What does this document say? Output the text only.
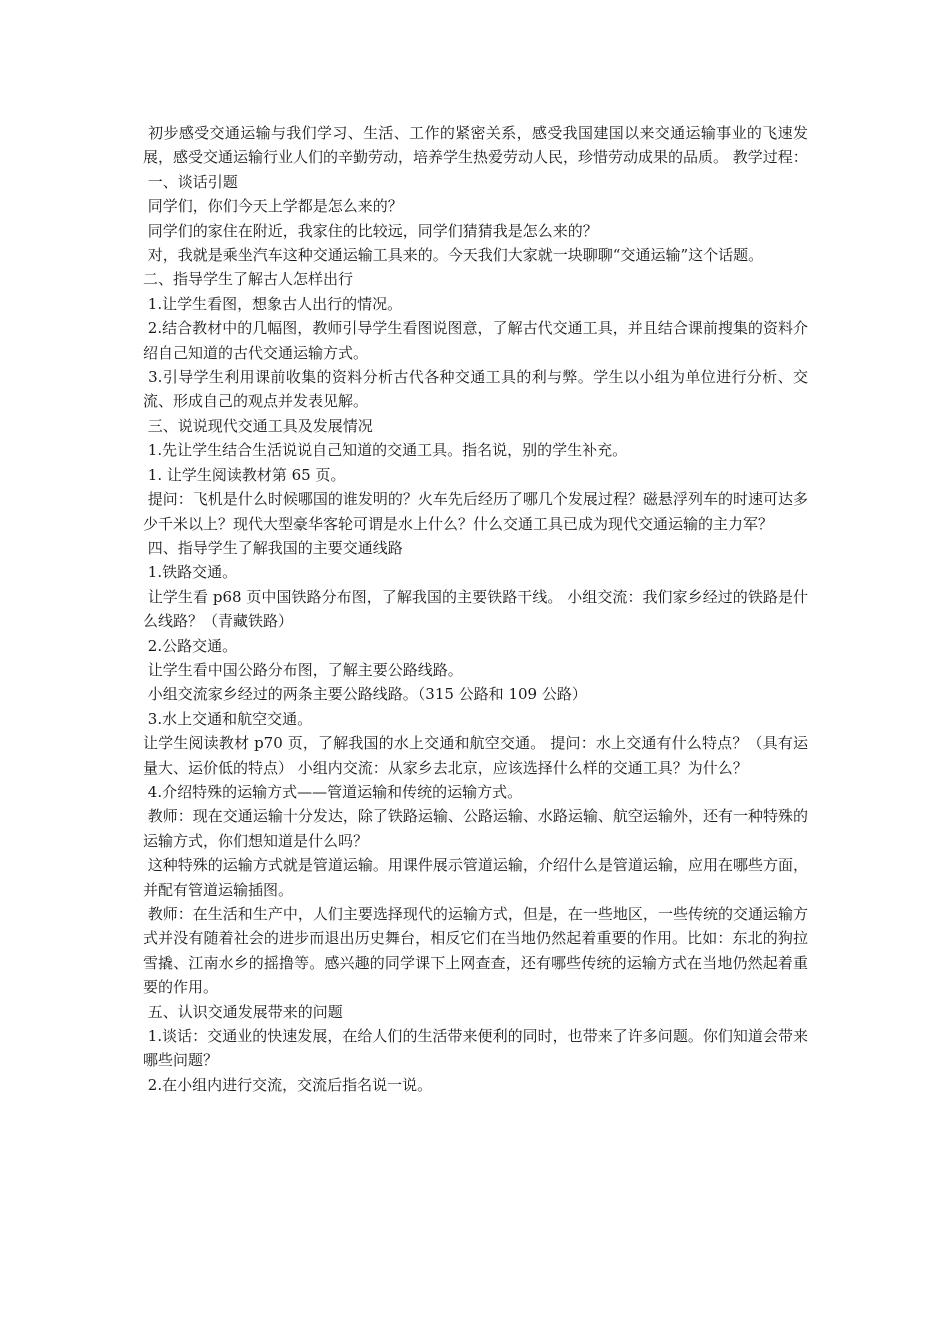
初步感受交通运输与我们学习、生活、工作的紧密关系，感受我国建国以来交通运输事业的飞速发展，感受交通运输行业人们的辛勤劳动，培养学生热爱劳动人民，珍惜劳动成果的品质。 教学过程：

一、谈话引题

同学们，你们今天上学都是怎么来的？

同学们的家住在附近，我家住的比较远，同学们猜猜我是怎么来的？

对，我就是乘坐汽车这种交通运输工具来的。今天我们大家就一块聊聊“交通运输”这个话题。

二、指导学生了解古人怎样出行

1.让学生看图，想象古人出行的情况。

2.结合教材中的几幅图，教师引导学生看图说图意，了解古代交通工具，并且结合课前搜集的资料介绍自己知道的古代交通运输方式。

3.引导学生利用课前收集的资料分析古代各种交通工具的利与弊。学生以小组为单位进行分析、交流、形成自己的观点并发表见解。

三、说说现代交通工具及发展情况

1.先让学生结合生活说说自己知道的交通工具。指名说，别的学生补充。

1. 让学生阅读教材第 65 页。

提问：飞机是什么时候哪国的谁发明的？火车先后经历了哪几个发展过程？磁悬浮列车的时速可达多少千米以上？现代大型豪华客轮可谓是水上什么？什么交通工具已成为现代交通运输的主力军？

四、指导学生了解我国的主要交通线路

1.铁路交通。

让学生看 p68 页中国铁路分布图，了解我国的主要铁路干线。 小组交流：我们家乡经过的铁路是什么线路？（青藏铁路）

2.公路交通。

让学生看中国公路分布图，了解主要公路线路。

小组交流家乡经过的两条主要公路线路。（315 公路和 109 公路）

3.水上交通和航空交通。

让学生阅读教材 p70 页，了解我国的水上交通和航空交通。 提问：水上交通有什么特点？（具有运量大、运价低的特点） 小组内交流：从家乡去北京，应该选择什么样的交通工具？为什么？

4.介绍特殊的运输方式——管道运输和传统的运输方式。

教师：现在交通运输十分发达，除了铁路运输、公路运输、水路运输、航空运输外，还有一种特殊的运输方式，你们想知道是什么吗？

这种特殊的运输方式就是管道运输。用课件展示管道运输，介绍什么是管道运输，应用在哪些方面，并配有管道运输插图。

教师：在生活和生产中，人们主要选择现代的运输方式，但是，在一些地区，一些传统的交通运输方式并没有随着社会的进步而退出历史舞台，相反它们在当地仍然起着重要的作用。比如：东北的狗拉雪撬、江南水乡的摇撸等。感兴趣的同学课下上网查查，还有哪些传统的运输方式在当地仍然起着重要的作用。

五、认识交通发展带来的问题

1.谈话：交通业的快速发展，在给人们的生活带来便利的同时，也带来了许多问题。你们知道会带来哪些问题？

2.在小组内进行交流，交流后指名说一说。
